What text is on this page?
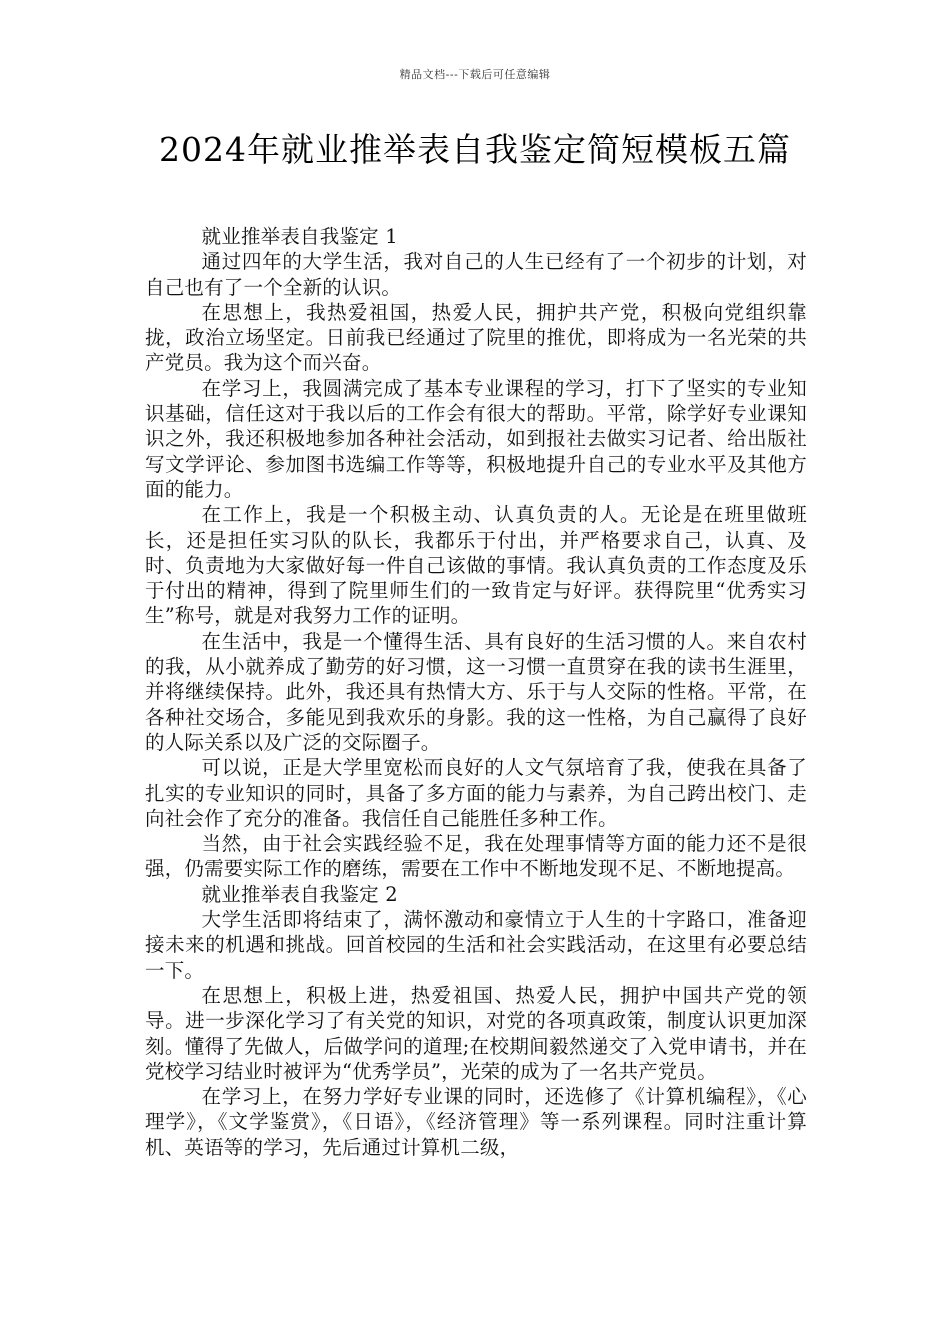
精品文档---下载后可任意编辑
2024年就业推举表自我鉴定简短模板五篇

就业推举表自我鉴定 1

通过四年的大学生活，我对自己的人生已经有了一个初步的计划，对自己也有了一个全新的认识。

在思想上，我热爱祖国，热爱人民，拥护共产党，积极向党组织靠拢，政治立场坚定。日前我已经通过了院里的推优，即将成为一名光荣的共产党员。我为这个而兴奋。

在学习上，我圆满完成了基本专业课程的学习，打下了坚实的专业知识基础，信任这对于我以后的工作会有很大的帮助。平常，除学好专业课知识之外，我还积极地参加各种社会活动，如到报社去做实习记者、给出版社写文学评论、参加图书选编工作等等，积极地提升自己的专业水平及其他方面的能力。

在工作上，我是一个积极主动、认真负责的人。无论是在班里做班长，还是担任实习队的队长，我都乐于付出，并严格要求自己，认真、及时、负责地为大家做好每一件自己该做的事情。我认真负责的工作态度及乐于付出的精神，得到了院里师生们的一致肯定与好评。获得院里“优秀实习生”称号，就是对我努力工作的证明。

在生活中，我是一个懂得生活、具有良好的生活习惯的人。来自农村的我，从小就养成了勤劳的好习惯，这一习惯一直贯穿在我的读书生涯里，并将继续保持。此外，我还具有热情大方、乐于与人交际的性格。平常，在各种社交场合，多能见到我欢乐的身影。我的这一性格，为自己赢得了良好的人际关系以及广泛的交际圈子。

可以说，正是大学里宽松而良好的人文气氛培育了我，使我在具备了扎实的专业知识的同时，具备了多方面的能力与素养，为自己跨出校门、走向社会作了充分的准备。我信任自己能胜任多种工作。

当然，由于社会实践经验不足，我在处理事情等方面的能力还不是很强，仍需要实际工作的磨练，需要在工作中不断地发现不足、不断地提高。

就业推举表自我鉴定 2

大学生活即将结束了，满怀激动和豪情立于人生的十字路口，准备迎接未来的机遇和挑战。回首校园的生活和社会实践活动，在这里有必要总结一下。

在思想上，积极上进，热爱祖国、热爱人民，拥护中国共产党的领导。进一步深化学习了有关党的知识，对党的各项真政策，制度认识更加深刻。懂得了先做人，后做学问的道理;在校期间毅然递交了入党申请书，并在党校学习结业时被评为“优秀学员”，光荣的成为了一名共产党员。

在学习上，在努力学好专业课的同时，还选修了《计算机编程》，《心理学》，《文学鉴赏》，《日语》，《经济管理》等一系列课程。同时注重计算机、英语等的学习，先后通过计算机二级，
